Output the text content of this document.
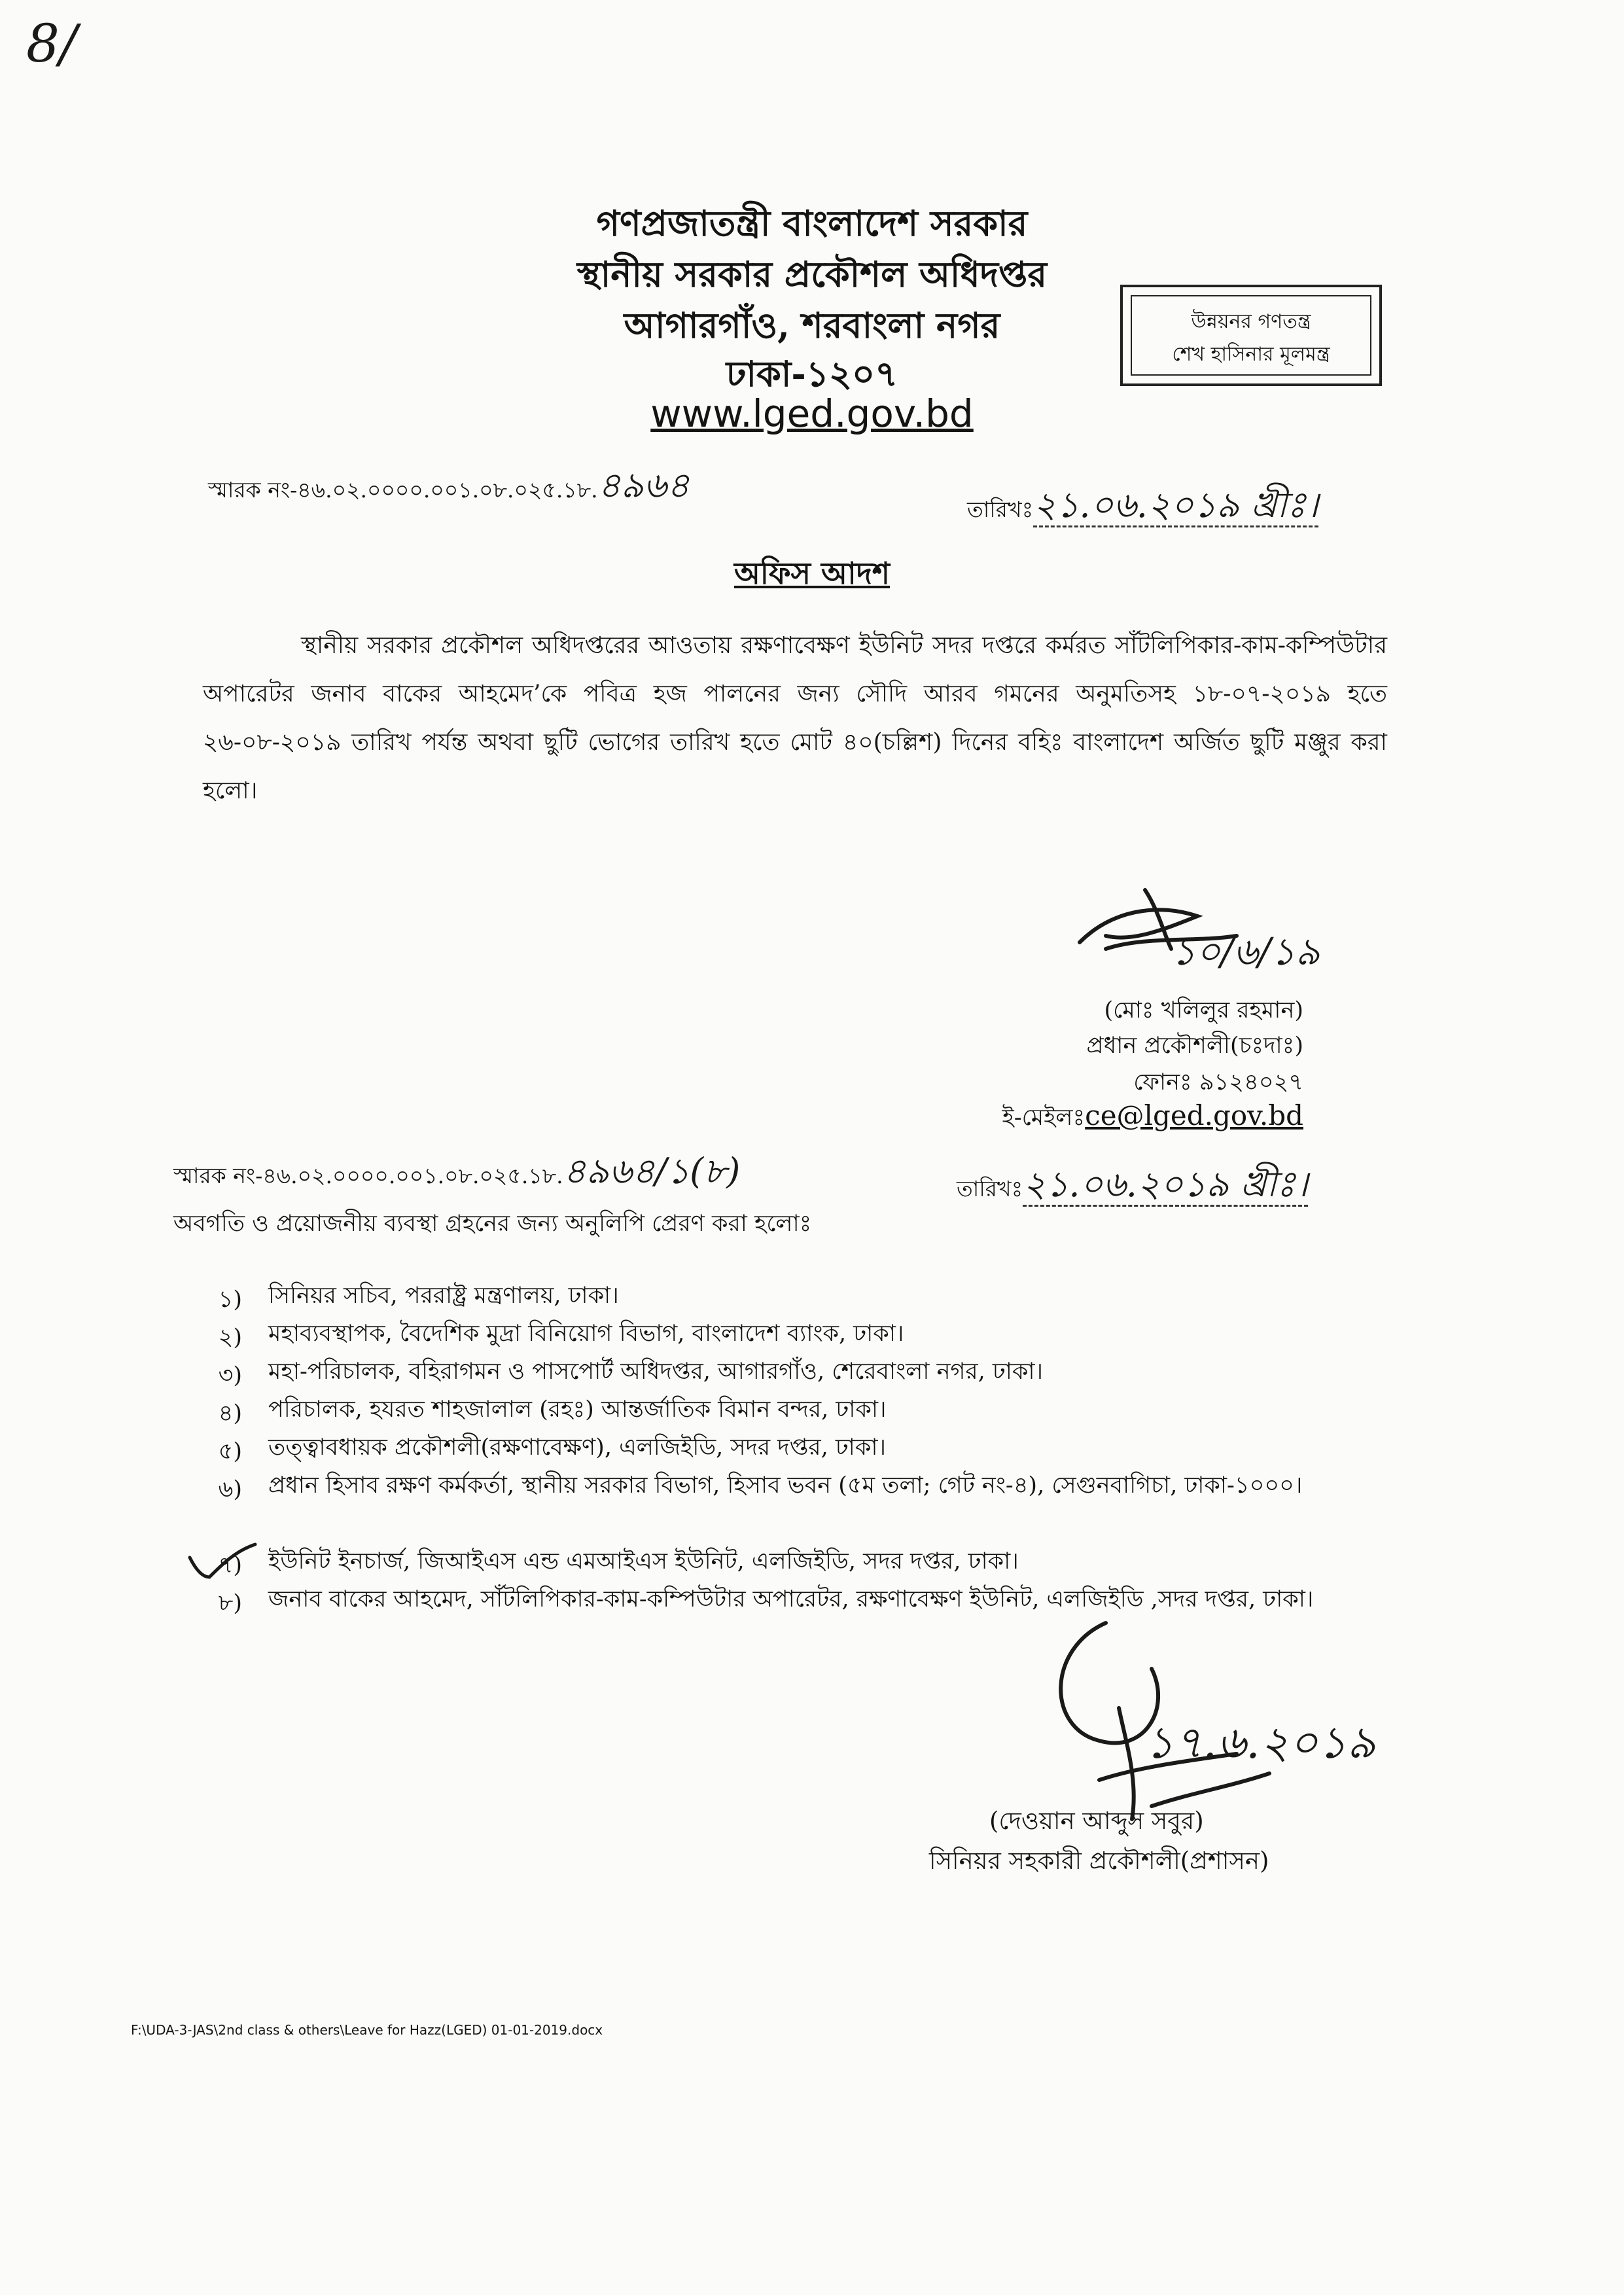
8/
গণপ্রজাতন্ত্রী বাংলাদেশ সরকার
স্থানীয় সরকার প্রকৌশল অধিদপ্তর
আগারগাঁও, শরবাংলা নগর
ঢাকা-১২০৭
www.lged.gov.bd
উন্নয়নর গণতন্ত্র
শেখ হাসিনার মূলমন্ত্র
স্মারক নং-৪৬.০২.০০০০.০০১.০৮.০২৫.১৮.৪৯৬৪
তারিখঃ২১.০৬.২০১৯ খ্রীঃ।
অফিস আদশ

স্থানীয় সরকার প্রকৌশল অধিদপ্তরের আওতায় রক্ষণাবেক্ষণ ইউনিট সদর দপ্তরে কর্মরত সাঁটলিপিকার-কাম-কম্পিউটার অপারেটর জনাব বাকের আহমেদ’কে পবিত্র হজ পালনের জন্য সৌদি আরব গমনের অনুমতিসহ ১৮-০৭-২০১৯ হতে ২৬-০৮-২০১৯ তারিখ পর্যন্ত অথবা ছুটি ভোগের তারিখ হতে মোট ৪০(চল্লিশ) দিনের বহিঃ বাংলাদেশ অর্জিত ছুটি মঞ্জুর করা হলো।

১০/৬/১৯
(মোঃ খলিলুর রহমান)
প্রধান প্রকৌশলী(চঃদাঃ)
ফোনঃ ৯১২৪০২৭
ই-মেইলঃce@lged.gov.bd
স্মারক নং-৪৬.০২.০০০০.০০১.০৮.০২৫.১৮.৪৯৬৪/১(৮)	তারিখঃ২১.০৬.২০১৯ খ্রীঃ।
অবগতি ও প্রয়োজনীয় ব্যবস্থা গ্রহনের জন্য অনুলিপি প্রেরণ করা হলোঃ
১) সিনিয়র সচিব, পররাষ্ট্র মন্ত্রণালয়, ঢাকা।
২) মহাব্যবস্থাপক, বৈদেশিক মুদ্রা বিনিয়োগ বিভাগ, বাংলাদেশ ব্যাংক, ঢাকা।
৩) মহা-পরিচালক, বহিরাগমন ও পাসপোর্ট অধিদপ্তর, আগারগাঁও, শেরেবাংলা নগর, ঢাকা।
৪) পরিচালক, হযরত শাহজালাল (রহঃ) আন্তর্জাতিক বিমান বন্দর, ঢাকা।
৫) তত্ত্বাবধায়ক প্রকৌশলী(রক্ষণাবেক্ষণ), এলজিইডি, সদর দপ্তর, ঢাকা।
৬) প্রধান হিসাব রক্ষণ কর্মকর্তা, স্থানীয় সরকার বিভাগ, হিসাব ভবন (৫ম তলা; গেট নং-৪), সেগুনবাগিচা, ঢাকা-১০০০।
৭) ইউনিট ইনচার্জ, জিআইএস এন্ড এমআইএস ইউনিট, এলজিইডি, সদর দপ্তর, ঢাকা।
৮) জনাব বাকের আহমেদ, সাঁটলিপিকার-কাম-কম্পিউটার অপারেটর, রক্ষণাবেক্ষণ ইউনিট, এলজিইডি ,সদর দপ্তর, ঢাকা।
১৭.৬.২০১৯
(দেওয়ান আব্দুস সবুর)
সিনিয়র সহকারী প্রকৌশলী(প্রশাসন)
F:\UDA-3-JAS\2nd class & others\Leave for Hazz(LGED) 01-01-2019.docx
